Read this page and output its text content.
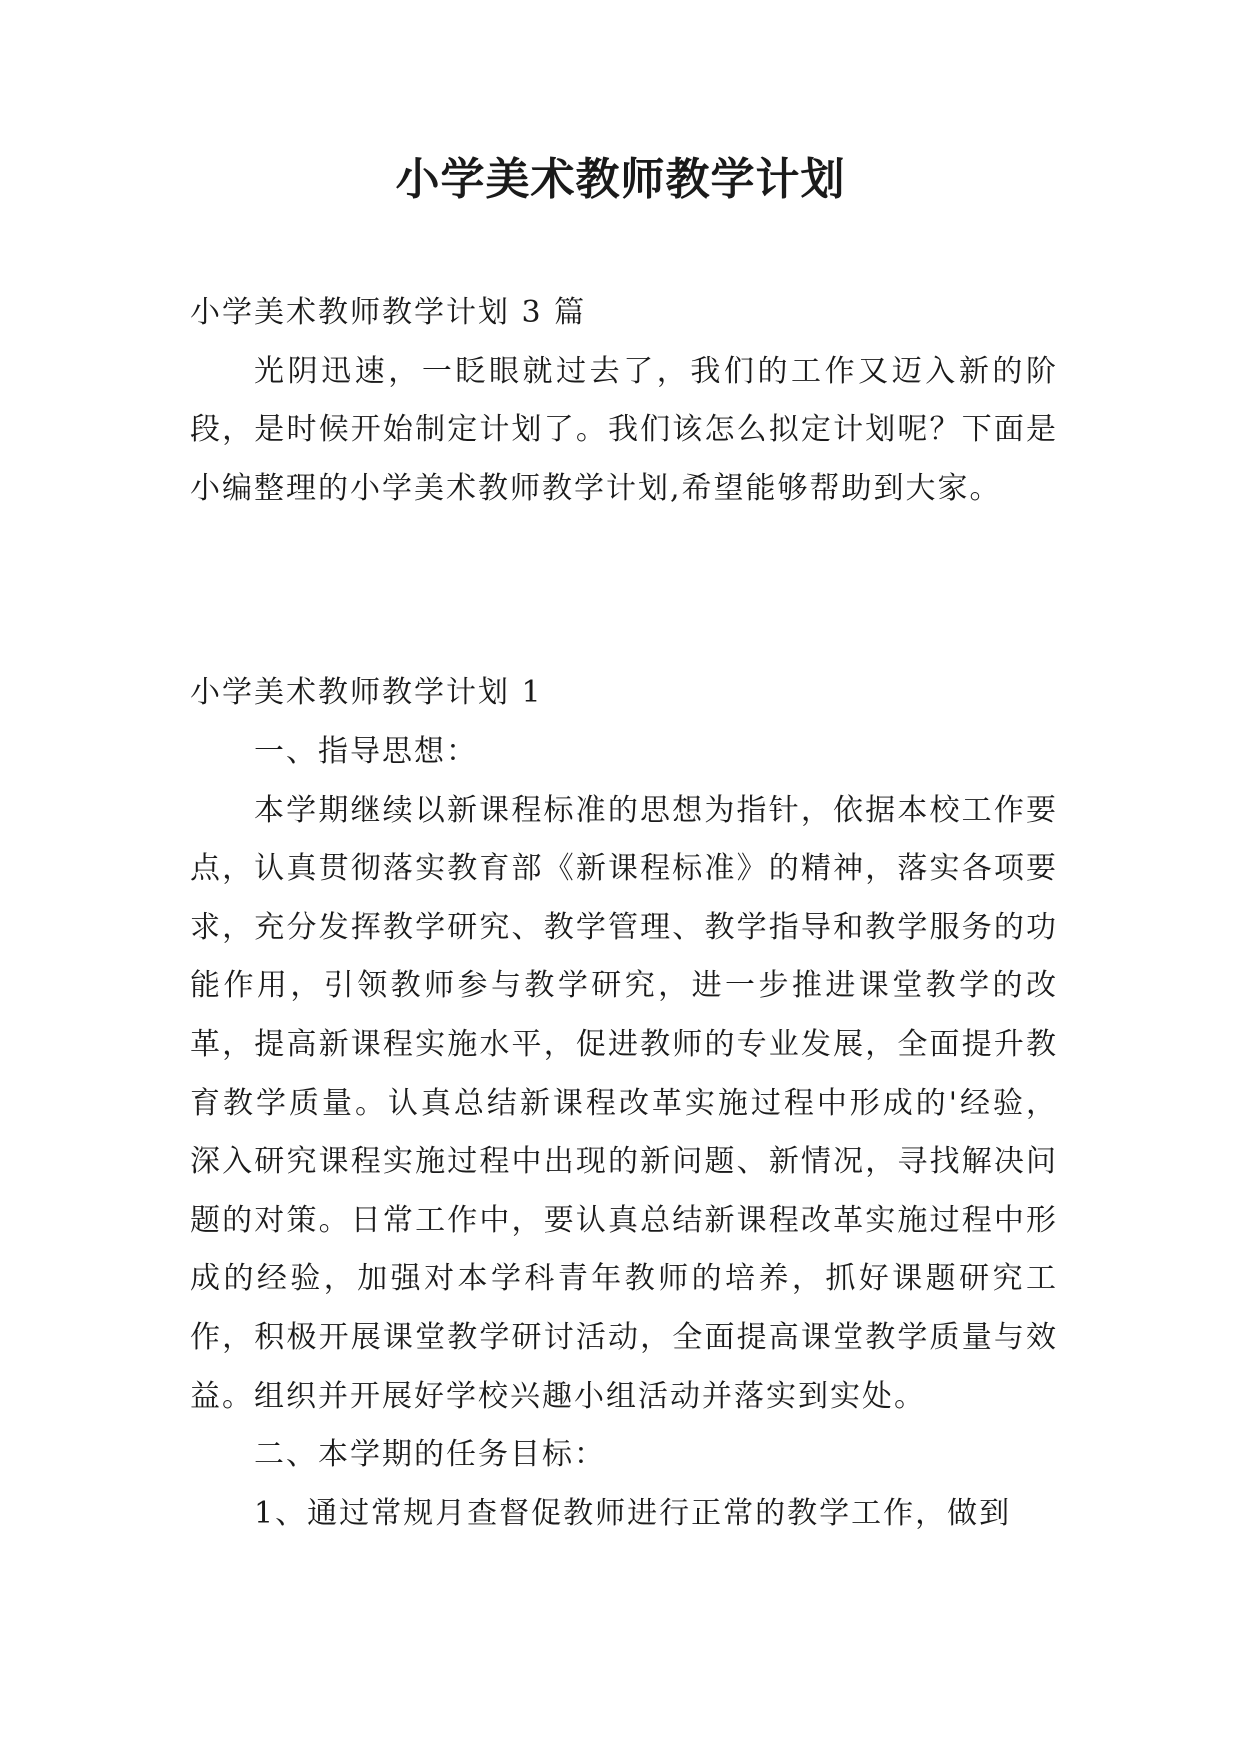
小学美术教师教学计划

小学美术教师教学计划 3 篇

光阴迅速，一眨眼就过去了，我们的工作又迈入新的阶段，是时候开始制定计划了。我们该怎么拟定计划呢？下面是小编整理的小学美术教师教学计划,希望能够帮助到大家。

小学美术教师教学计划 1

一、指导思想：

本学期继续以新课程标准的思想为指针，依据本校工作要点，认真贯彻落实教育部《新课程标准》的精神，落实各项要求，充分发挥教学研究、教学管理、教学指导和教学服务的功能作用，引领教师参与教学研究，进一步推进课堂教学的改革，提高新课程实施水平，促进教师的专业发展，全面提升教育教学质量。认真总结新课程改革实施过程中形成的'经验，深入研究课程实施过程中出现的新问题、新情况，寻找解决问题的对策。日常工作中，要认真总结新课程改革实施过程中形成的经验，加强对本学科青年教师的培养，抓好课题研究工作，积极开展课堂教学研讨活动，全面提高课堂教学质量与效益。组织并开展好学校兴趣小组活动并落实到实处。

二、本学期的任务目标：

1、通过常规月查督促教师进行正常的教学工作，做到
